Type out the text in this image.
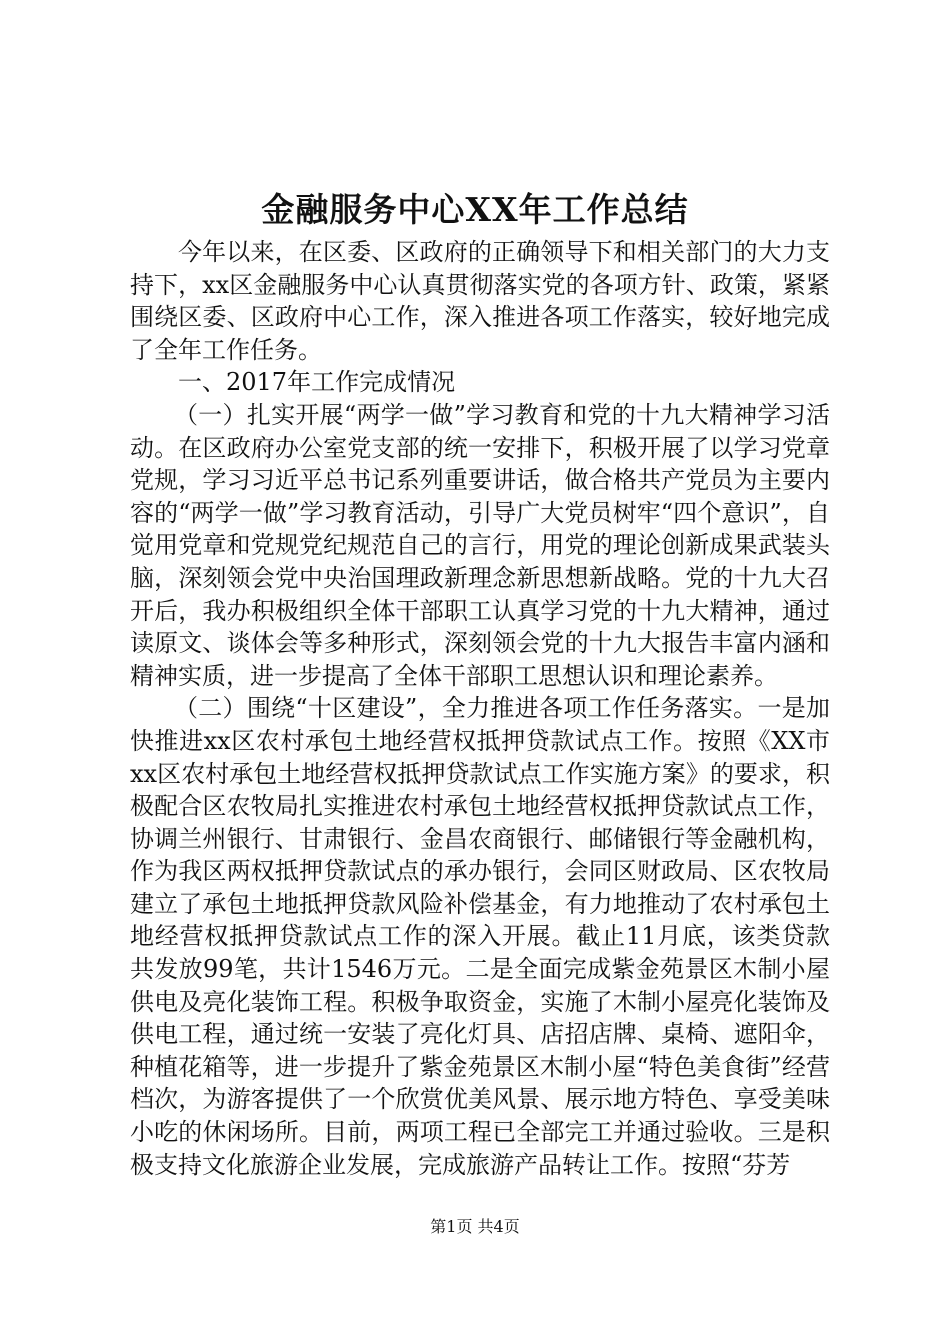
金融服务中心XX年工作总结

今年以来，在区委、区政府的正确领导下和相关部门的大力支持下，xx区金融服务中心认真贯彻落实党的各项方针、政策，紧紧围绕区委、区政府中心工作，深入推进各项工作落实，较好地完成了全年工作任务。

一、2017年工作完成情况

（一）扎实开展“两学一做”学习教育和党的十九大精神学习活动。在区政府办公室党支部的统一安排下，积极开展了以学习党章党规，学习习近平总书记系列重要讲话，做合格共产党员为主要内容的“两学一做”学习教育活动，引导广大党员树牢“四个意识”，自觉用党章和党规党纪规范自己的言行，用党的理论创新成果武装头脑，深刻领会党中央治国理政新理念新思想新战略。党的十九大召开后，我办积极组织全体干部职工认真学习党的十九大精神，通过读原文、谈体会等多种形式，深刻领会党的十九大报告丰富内涵和精神实质，进一步提高了全体干部职工思想认识和理论素养。

（二）围绕“十区建设”，全力推进各项工作任务落实。一是加快推进xx区农村承包土地经营权抵押贷款试点工作。按照《XX市xx区农村承包土地经营权抵押贷款试点工作实施方案》的要求，积极配合区农牧局扎实推进农村承包土地经营权抵押贷款试点工作，协调兰州银行、甘肃银行、金昌农商银行、邮储银行等金融机构，作为我区两权抵押贷款试点的承办银行，会同区财政局、区农牧局建立了承包土地抵押贷款风险补偿基金，有力地推动了农村承包土地经营权抵押贷款试点工作的深入开展。截止11月底，该类贷款共发放99笔，共计1546万元。二是全面完成紫金苑景区木制小屋供电及亮化装饰工程。积极争取资金，实施了木制小屋亮化装饰及供电工程，通过统一安装了亮化灯具、店招店牌、桌椅、遮阳伞，种植花箱等，进一步提升了紫金苑景区木制小屋“特色美食街”经营档次，为游客提供了一个欣赏优美风景、展示地方特色、享受美味小吃的休闲场所。目前，两项工程已全部完工并通过验收。三是积极支持文化旅游企业发展，完成旅游产品转让工作。按照“芬芳

第1页 共4页
